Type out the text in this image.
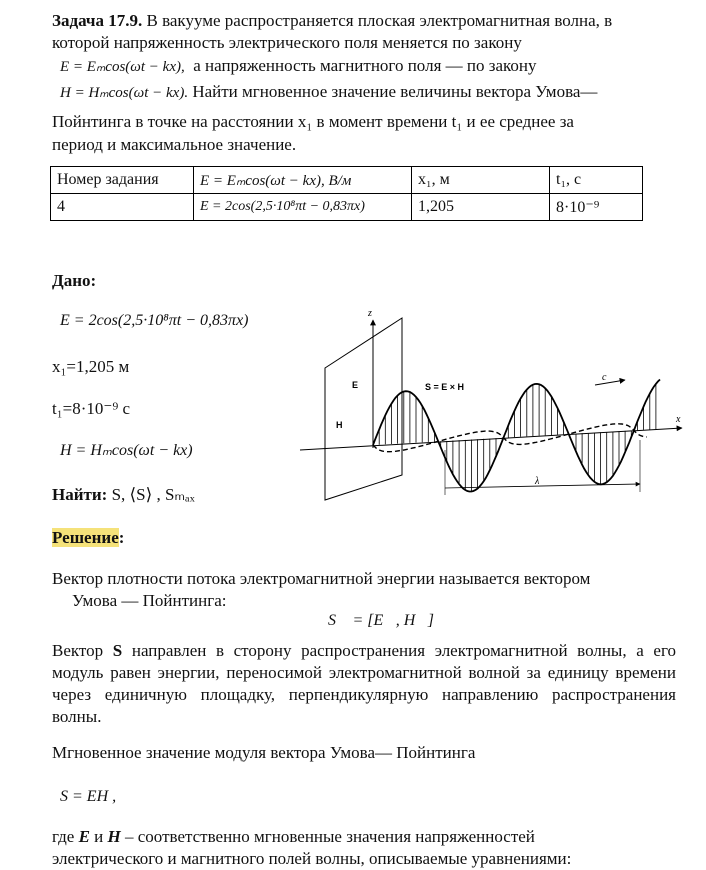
Задача 17.9. В вакууме распространяется плоская электромагнитная волна, в
которой напряженность электрического поля меняется по закону
E = Eₘcos(ωt − kx), а напряженность магнитного поля — по закону
H = Hₘcos(ωt − kx). Найти мгновенное значение величины вектора Умова—
Пойнтинга в точке на расстоянии x₁ в момент времени t₁ и ее среднее за
период и максимальное значение.
Номер задания	E = Eₘcos(ωt − kx), В/м	x₁, м	t₁, с
4	E = 2cos(2,5·10⁸πt − 0,83πx)	1,205	8·10⁻⁹
Дано:
E = 2cos(2,5·10⁸πt − 0,83πx)
x₁=1,205 м
t₁=8·10⁻⁹ с
H = Hₘcos(ωt − kx)
Найти: S, ⟨S⟩ , Sₘₐₓ
z
x
E
H
S = E × H
c
λ
Решение:
Вектор плотности потока электромагнитной энергии называется вектором
Умова — Пойнтинга:
S⃗ = [E⃗, H⃗]
Вектор S направлен в сторону распространения электромагнитной волны, а его модуль равен энергии, переносимой электромагнитной волной за единицу времени через единичную площадку, перпендикулярную направлению распространения волны.
Мгновенное значение модуля вектора Умова— Пойнтинга
S = EH ,
где E и H – соответственно мгновенные значения напряженностей
электрического и магнитного полей волны, описываемые уравнениями:
